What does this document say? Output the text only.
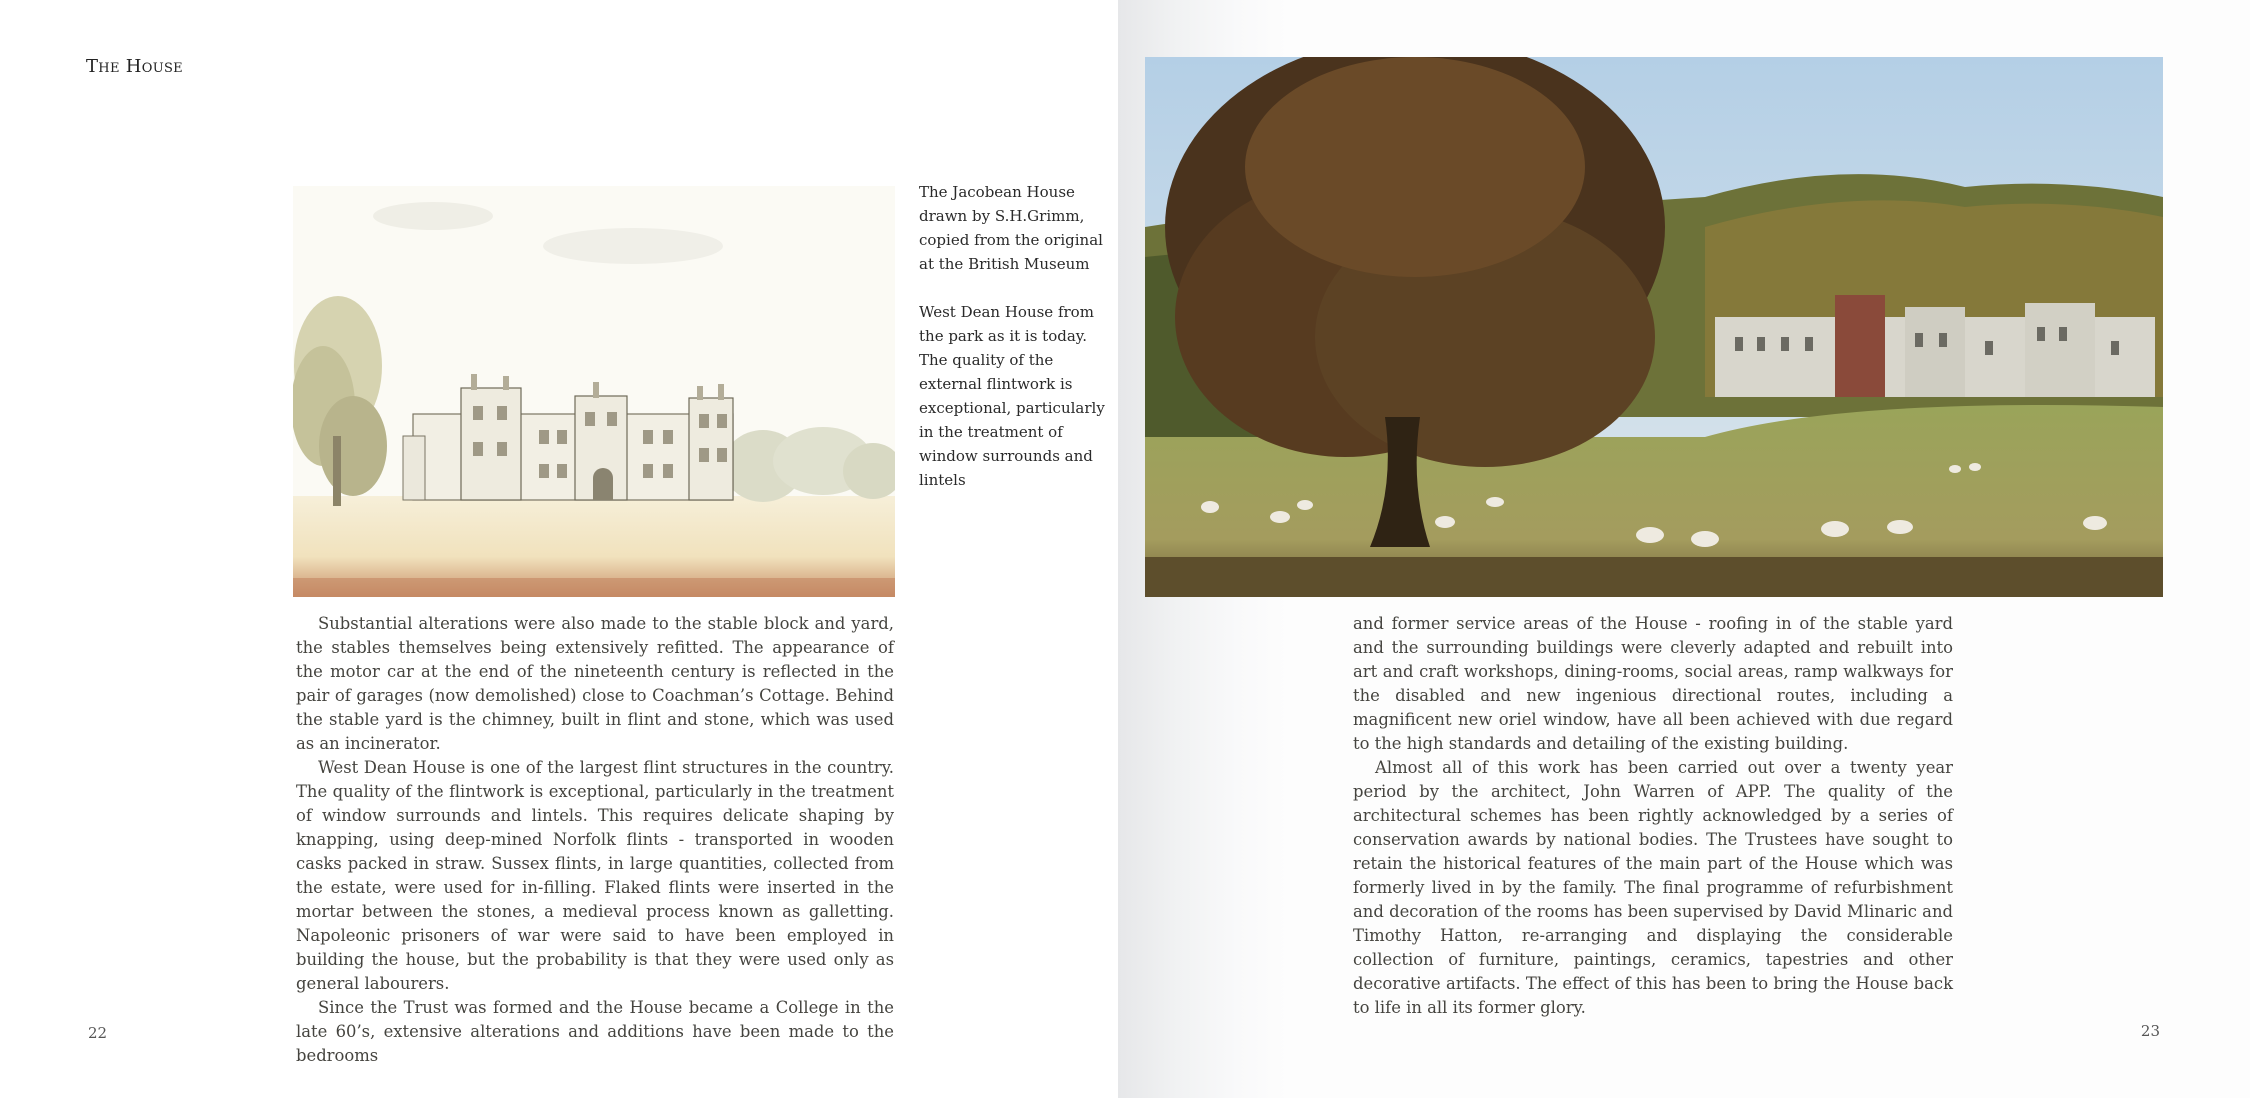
The House

The Jacobean House drawn by S.H.Grimm, copied from the original at the British Museum

West Dean House from the park as it is today. The quality of the external flintwork is exceptional, particularly in the treatment of window surrounds and lintels

Substantial alterations were also made to the stable block and yard, the stables themselves being extensively refitted. The appearance of the motor car at the end of the nineteenth century is reflected in the pair of garages (now demolished) close to Coachman’s Cottage. Behind the stable yard is the chimney, built in flint and stone, which was used as an incinerator.

West Dean House is one of the largest flint structures in the country. The quality of the flintwork is exceptional, particularly in the treatment of window surrounds and lintels. This requires delicate shaping by knapping, using deep-mined Norfolk flints - transported in wooden casks packed in straw. Sussex flints, in large quantities, collected from the estate, were used for in-filling. Flaked flints were inserted in the mortar between the stones, a medieval process known as galletting. Napoleonic prisoners of war were said to have been employed in building the house, but the probability is that they were used only as general labourers.

Since the Trust was formed and the House became a College in the late 60’s, extensive alterations and additions have been made to the bedrooms

and former service areas of the House - roofing in of the stable yard and the surrounding buildings were cleverly adapted and rebuilt into art and craft workshops, dining-rooms, social areas, ramp walkways for the disabled and new ingenious directional routes, including a magnificent new oriel window, have all been achieved with due regard to the high standards and detailing of the existing building.

Almost all of this work has been carried out over a twenty year period by the architect, John Warren of APP. The quality of the architectural schemes has been rightly acknowledged by a series of conservation awards by national bodies. The Trustees have sought to retain the historical features of the main part of the House which was formerly lived in by the family. The final programme of refurbishment and decoration of the rooms has been supervised by David Mlinaric and Timothy Hatton, re-arranging and displaying the considerable collection of furniture, paintings, ceramics, tapestries and other decorative artifacts. The effect of this has been to bring the House back to life in all its former glory.

22	23
